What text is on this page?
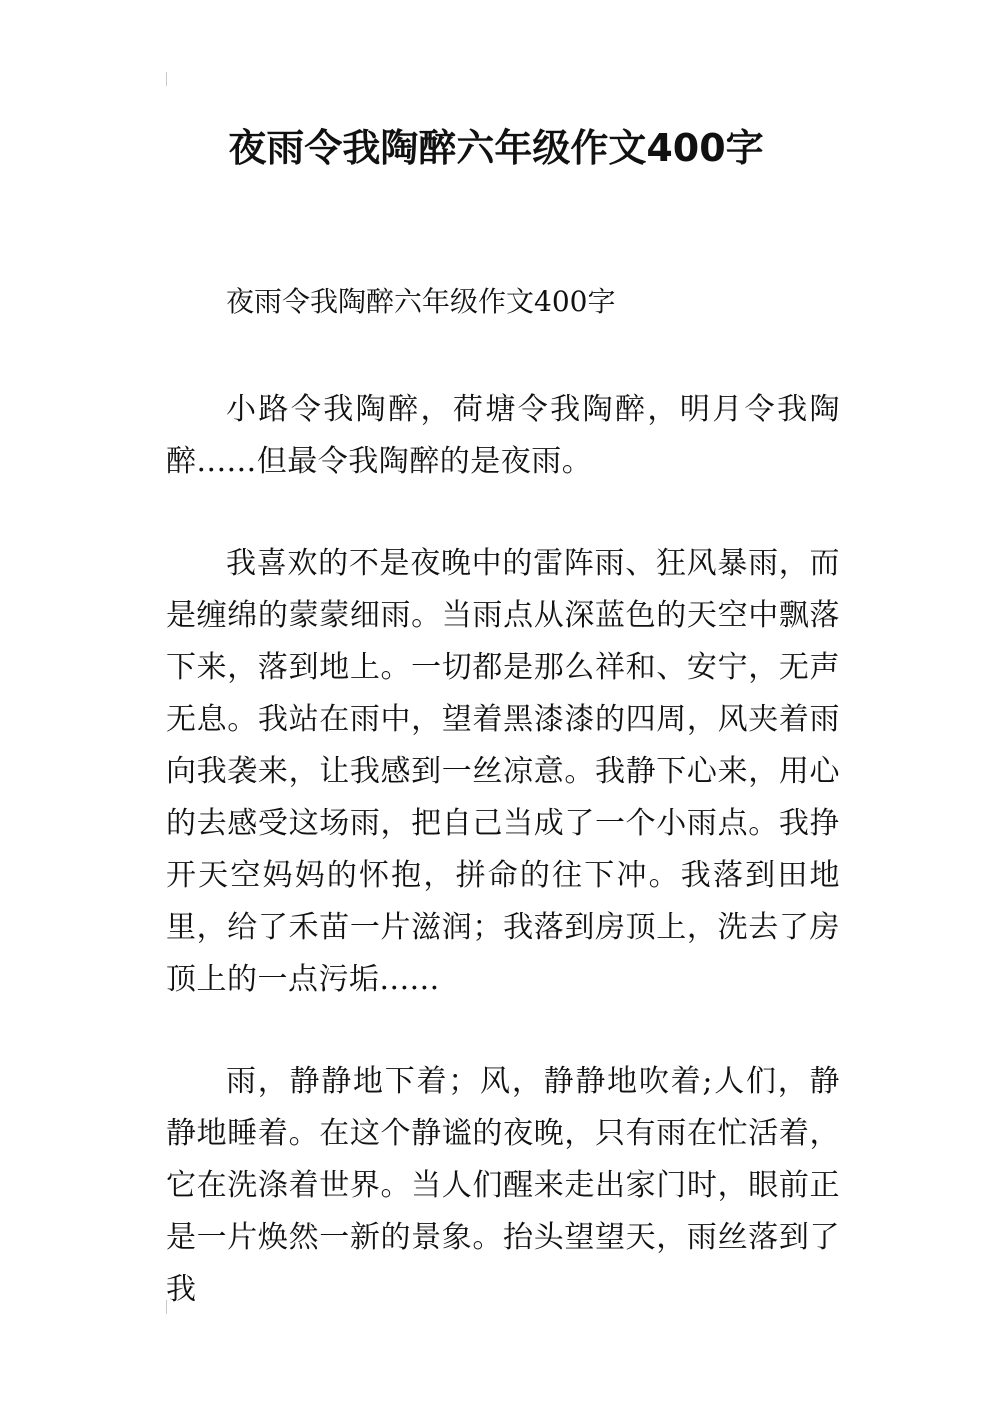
夜雨令我陶醉六年级作文400字

夜雨令我陶醉六年级作文400字

小路令我陶醉，荷塘令我陶醉，明月令我陶醉......但最令我陶醉的是夜雨。

我喜欢的不是夜晚中的雷阵雨、狂风暴雨，而是缠绵的蒙蒙细雨。当雨点从深蓝色的天空中飘落下来，落到地上。一切都是那么祥和、安宁，无声无息。我站在雨中，望着黑漆漆的四周，风夹着雨向我袭来，让我感到一丝凉意。我静下心来，用心的去感受这场雨，把自己当成了一个小雨点。我挣开天空妈妈的怀抱，拼命的往下冲。我落到田地里，给了禾苗一片滋润；我落到房顶上，洗去了房顶上的一点污垢......

雨，静静地下着；风，静静地吹着;人们，静静地睡着。在这个静谧的夜晚，只有雨在忙活着，它在洗涤着世界。当人们醒来走出家门时，眼前正是一片焕然一新的景象。抬头望望天，雨丝落到了我
